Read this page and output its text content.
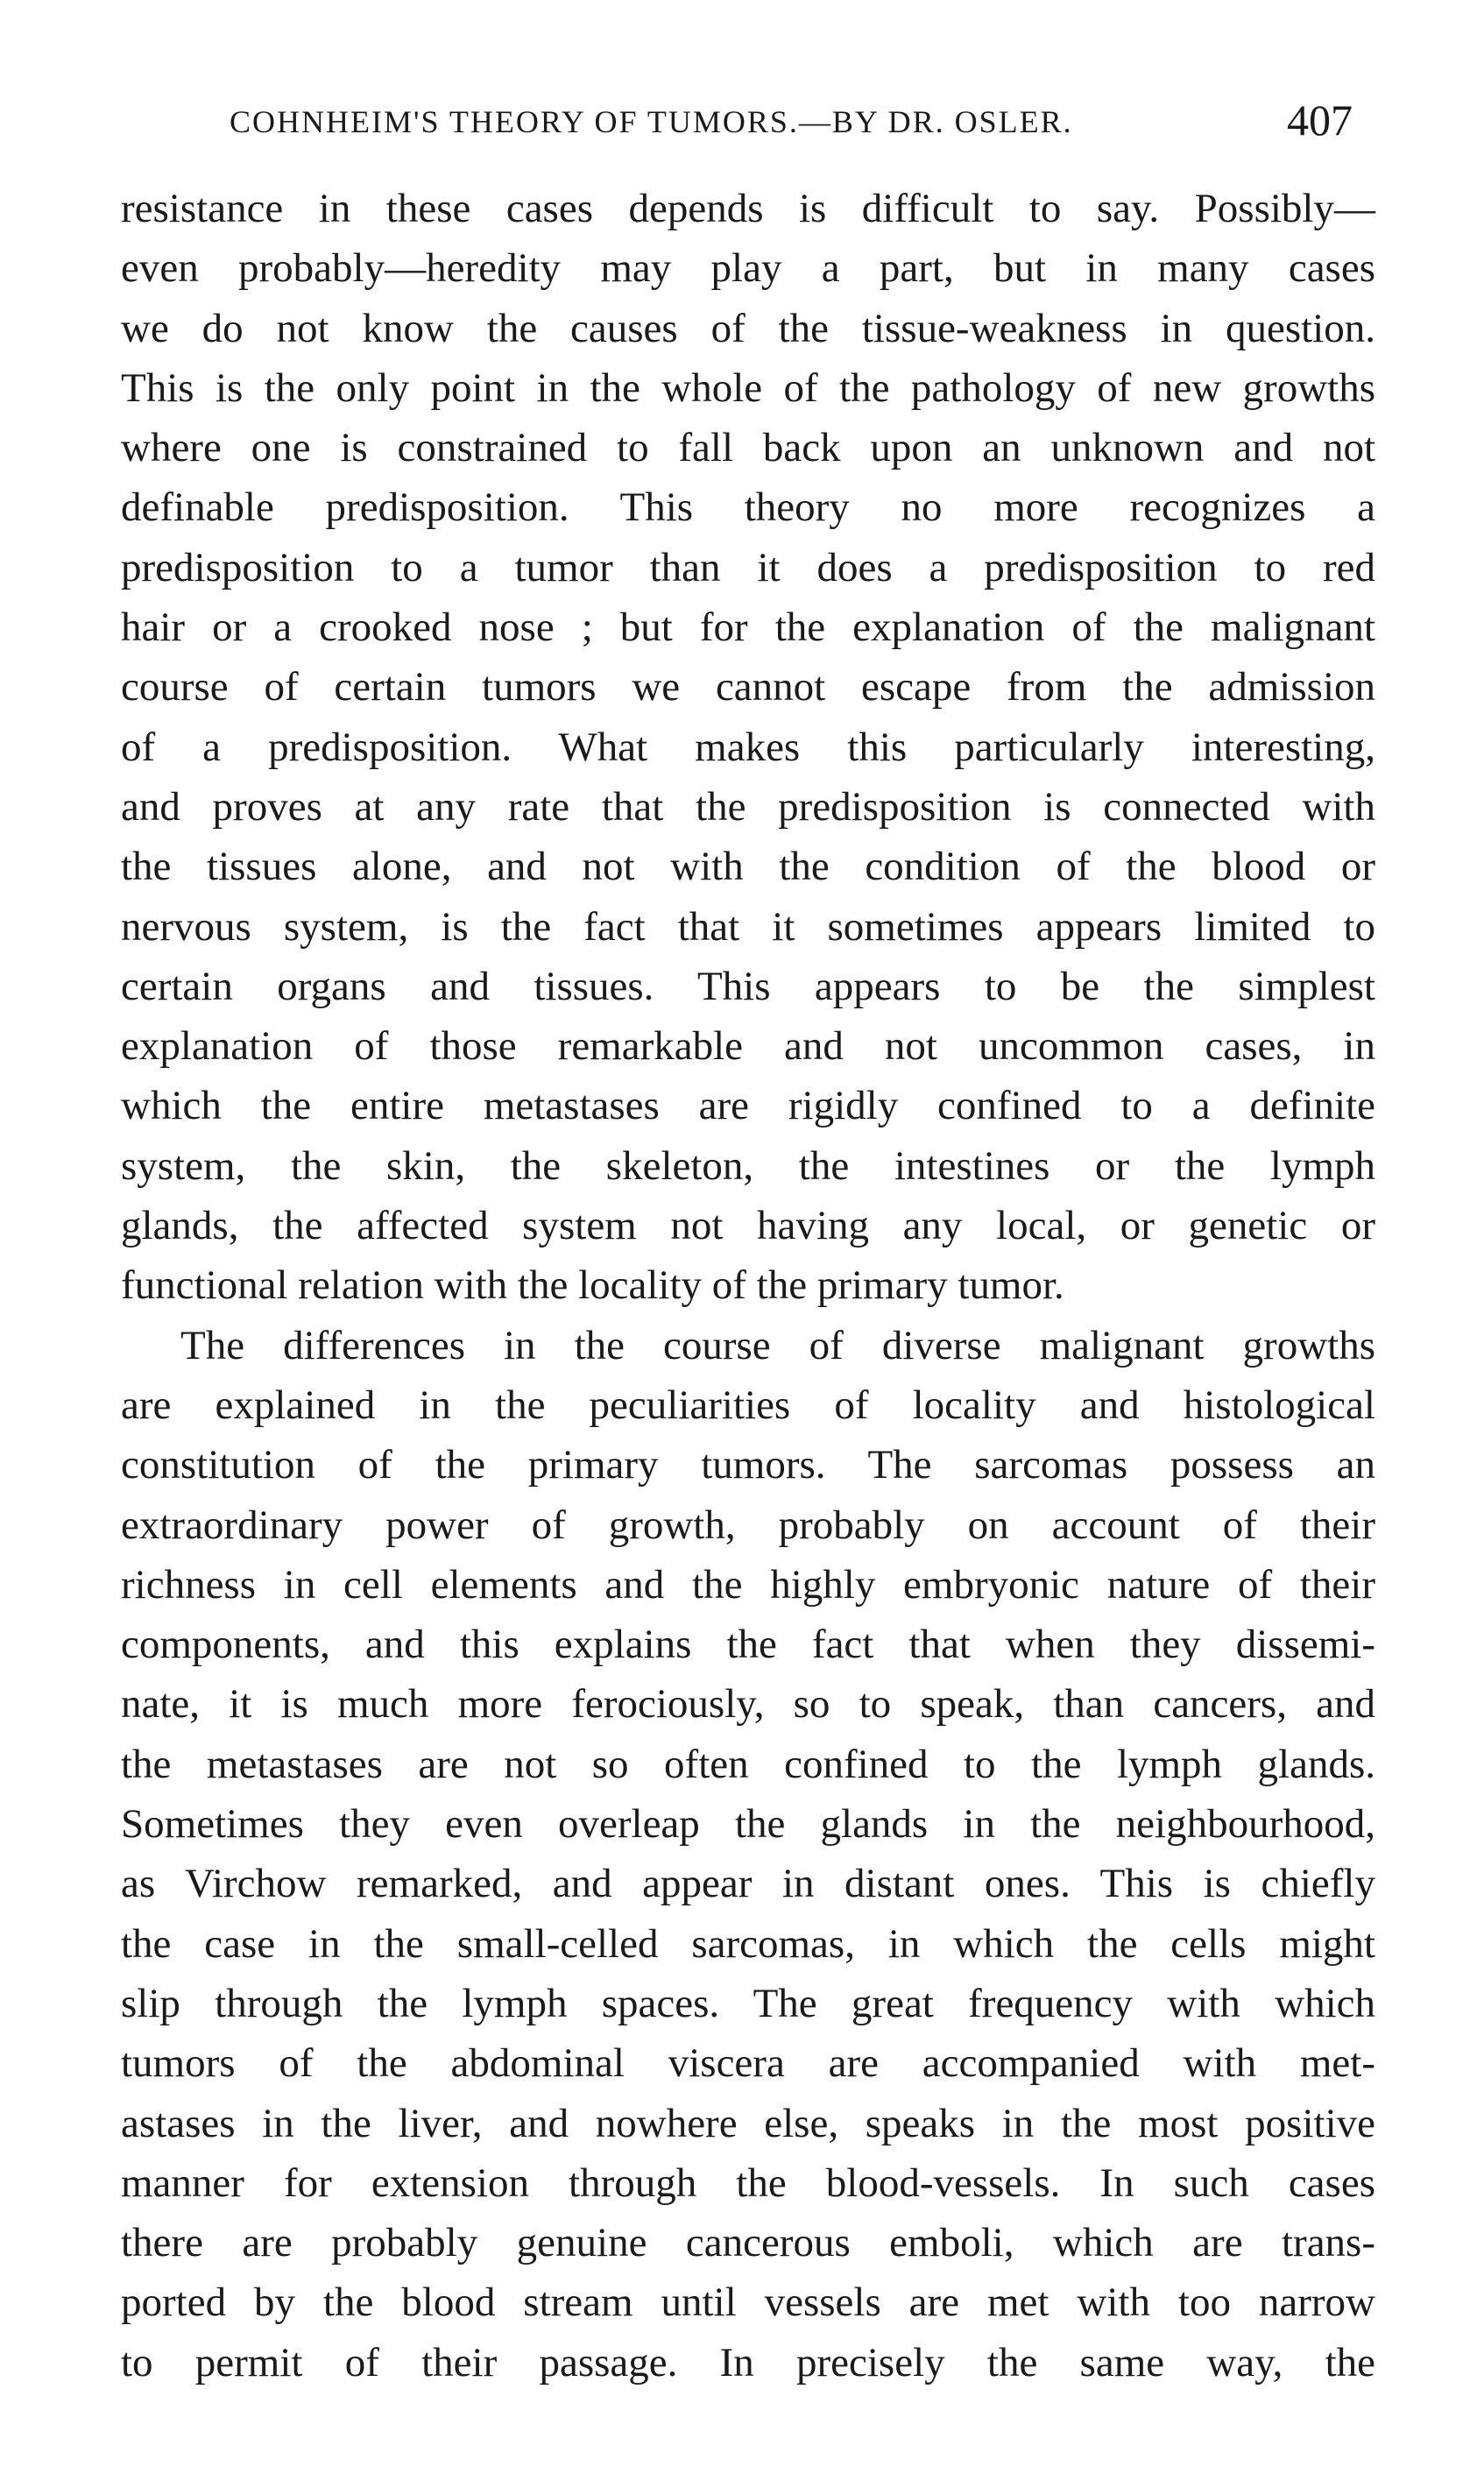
COHNHEIM'S THEORY OF TUMORS.—BY DR. OSLER.	407
resistance in these cases depends is difficult to say. Possibly—
even probably—heredity may play a part, but in many cases
we do not know the causes of the tissue-weakness in question.
This is the only point in the whole of the pathology of new growths
where one is constrained to fall back upon an unknown and not
definable predisposition. This theory no more recognizes a
predisposition to a tumor than it does a predisposition to red
hair or a crooked nose ; but for the explanation of the malignant
course of certain tumors we cannot escape from the admission
of a predisposition. What makes this particularly interesting,
and proves at any rate that the predisposition is connected with
the tissues alone, and not with the condition of the blood or
nervous system, is the fact that it sometimes appears limited to
certain organs and tissues. This appears to be the simplest
explanation of those remarkable and not uncommon cases, in
which the entire metastases are rigidly confined to a definite
system, the skin, the skeleton, the intestines or the lymph
glands, the affected system not having any local, or genetic or
functional relation with the locality of the primary tumor.
The differences in the course of diverse malignant growths
are explained in the peculiarities of locality and histological
constitution of the primary tumors. The sarcomas possess an
extraordinary power of growth, probably on account of their
richness in cell elements and the highly embryonic nature of their
components, and this explains the fact that when they dissemi-
nate, it is much more ferociously, so to speak, than cancers, and
the metastases are not so often confined to the lymph glands.
Sometimes they even overleap the glands in the neighbourhood,
as Virchow remarked, and appear in distant ones. This is chiefly
the case in the small-celled sarcomas, in which the cells might
slip through the lymph spaces. The great frequency with which
tumors of the abdominal viscera are accompanied with met-
astases in the liver, and nowhere else, speaks in the most positive
manner for extension through the blood-vessels. In such cases
there are probably genuine cancerous emboli, which are trans-
ported by the blood stream until vessels are met with too narrow
to permit of their passage. In precisely the same way, the
